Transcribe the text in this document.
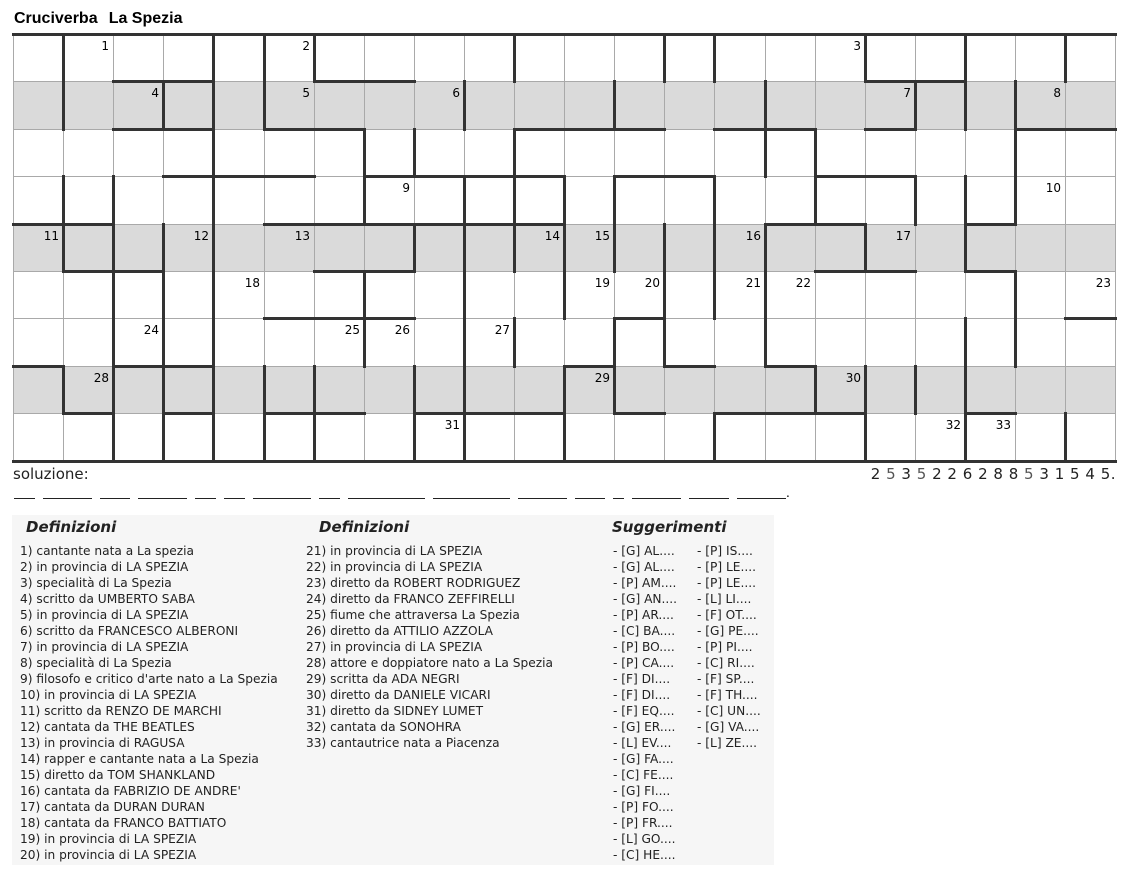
Cruciverba La Spezia
1	2	3
4	5	6	7	8
9	10
11	12	13	14	15	16	17
18	19	20	21	22	23
24	25	26	27
28	29	30
31	32	33
soluzione:	2 5 3 5 2 2 6 2 8 8 5 3 1 5 4 5.
.
Definizioni	Definizioni	Suggerimenti
1) cantante nata a La spezia
2) in provincia di LA SPEZIA
3) specialità di La Spezia
4) scritto da UMBERTO SABA
5) in provincia di LA SPEZIA
6) scritto da FRANCESCO ALBERONI
7) in provincia di LA SPEZIA
8) specialità di La Spezia
9) filosofo e critico d'arte nato a La Spezia
10) in provincia di LA SPEZIA
11) scritto da RENZO DE MARCHI
12) cantata da THE BEATLES
13) in provincia di RAGUSA
14) rapper e cantante nata a La Spezia
15) diretto da TOM SHANKLAND
16) cantata da FABRIZIO DE ANDRE'
17) cantata da DURAN DURAN
18) cantata da FRANCO BATTIATO
19) in provincia di LA SPEZIA
20) in provincia di LA SPEZIA
21) in provincia di LA SPEZIA
22) in provincia di LA SPEZIA
23) diretto da ROBERT RODRIGUEZ
24) diretto da FRANCO ZEFFIRELLI
25) fiume che attraversa La Spezia
26) diretto da ATTILIO AZZOLA
27) in provincia di LA SPEZIA
28) attore e doppiatore nato a La Spezia
29) scritta da ADA NEGRI
30) diretto da DANIELE VICARI
31) diretto da SIDNEY LUMET
32) cantata da SONOHRA
33) cantautrice nata a Piacenza
- [G] AL....
- [G] AL....
- [P] AM....
- [G] AN....
- [P] AR....
- [C] BA....
- [P] BO....
- [P] CA....
- [F] DI....
- [F] DI....
- [F] EQ....
- [G] ER....
- [L] EV....
- [G] FA....
- [C] FE....
- [G] FI....
- [P] FO....
- [P] FR....
- [L] GO....
- [C] HE....
- [P] IS....
- [P] LE....
- [P] LE....
- [L] LI....
- [F] OT....
- [G] PE....
- [P] PI....
- [C] RI....
- [F] SP....
- [F] TH....
- [C] UN....
- [G] VA....
- [L] ZE....
